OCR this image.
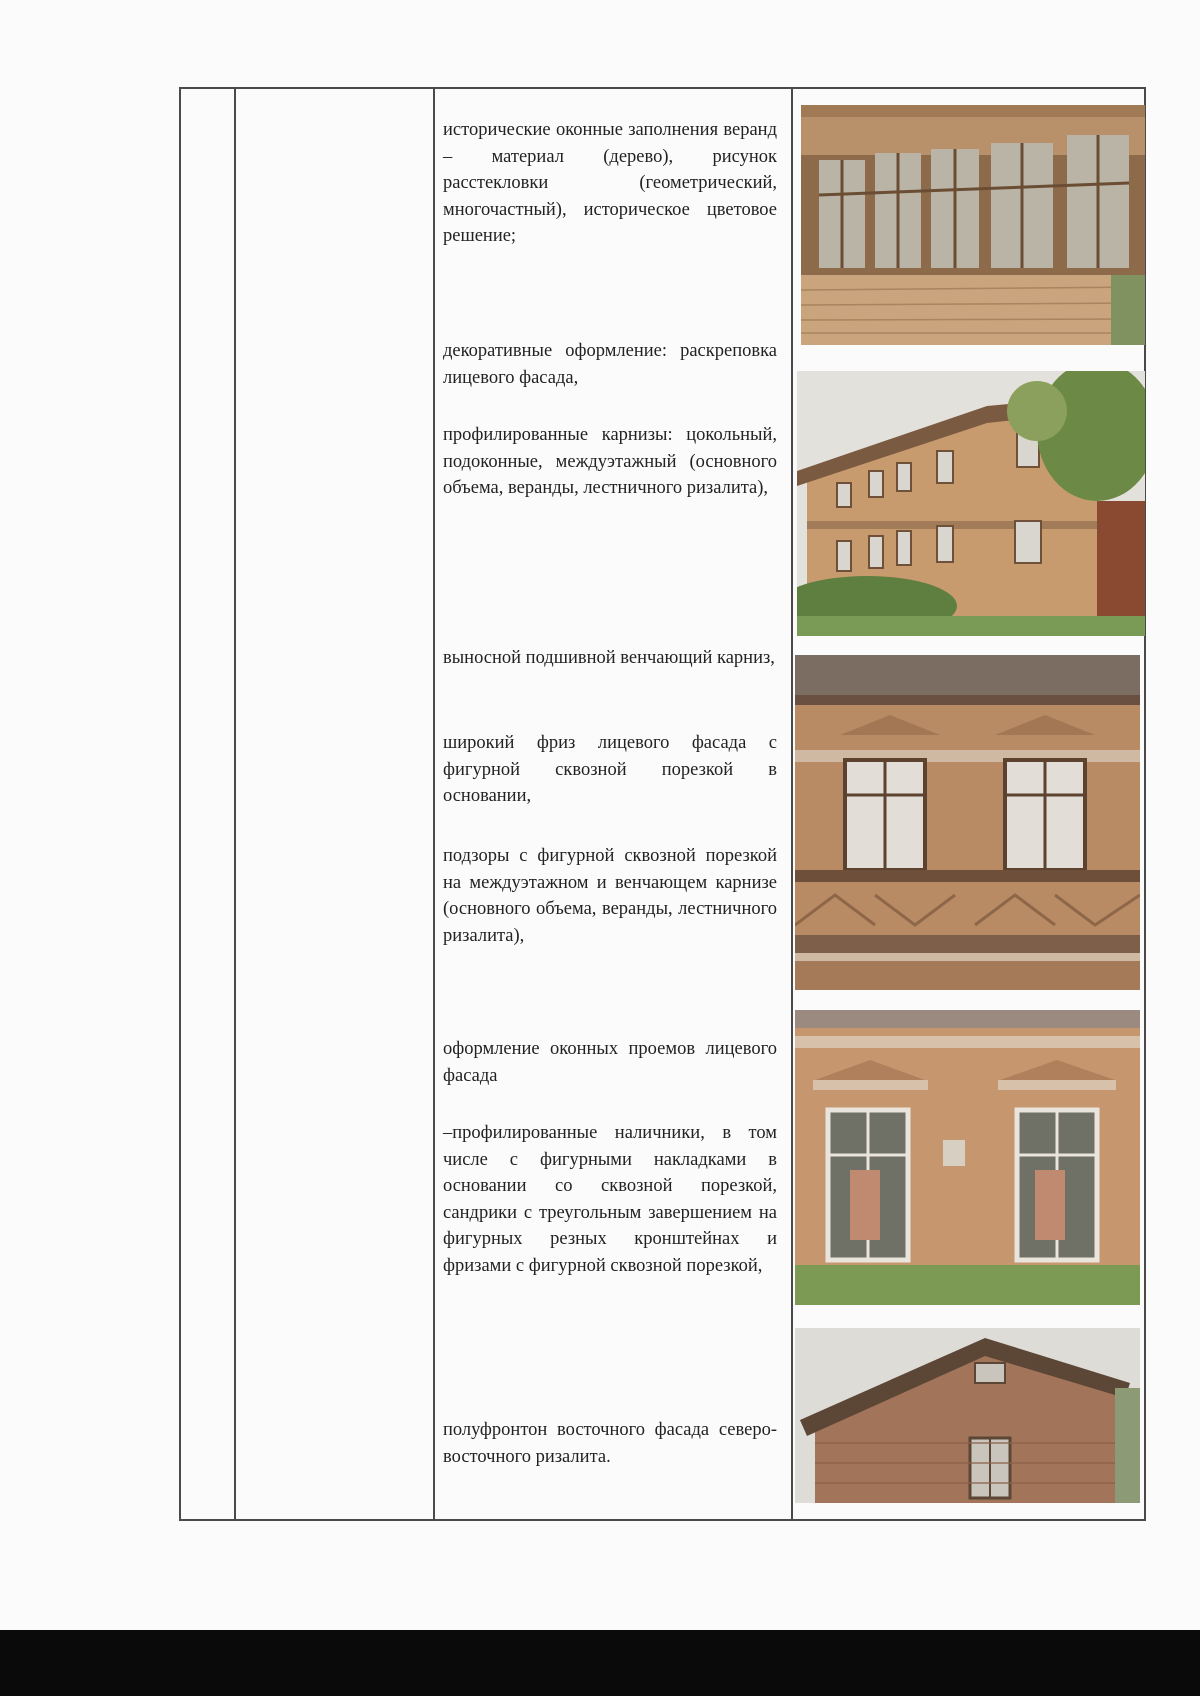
исторические оконные заполнения веранд – материал (дерево), рисунок расстекловки (геометрический, многочастный), историческое цветовое решение;

декоративные оформление: раскреповка лицевого фасада,

профилированные карнизы: цокольный, подоконные, междуэтажный (основного объема, веранды, лестничного ризалита),

выносной подшивной венчающий карниз,

широкий фриз лицевого фасада с фигурной сквозной порезкой в основании,

подзоры с фигурной сквозной порезкой на междуэтажном и венчающем карнизе (основного объема, веранды, лестничного ризалита),

оформление оконных проемов лицевого фасада

–профилированные наличники, в том числе с фигурными накладками в основании со сквозной порезкой, сандрики с треугольным завершением на фигурных резных кронштейнах и фризами с фигурной сквозной порезкой,

полуфронтон восточного фасада северо-восточного ризалита.
